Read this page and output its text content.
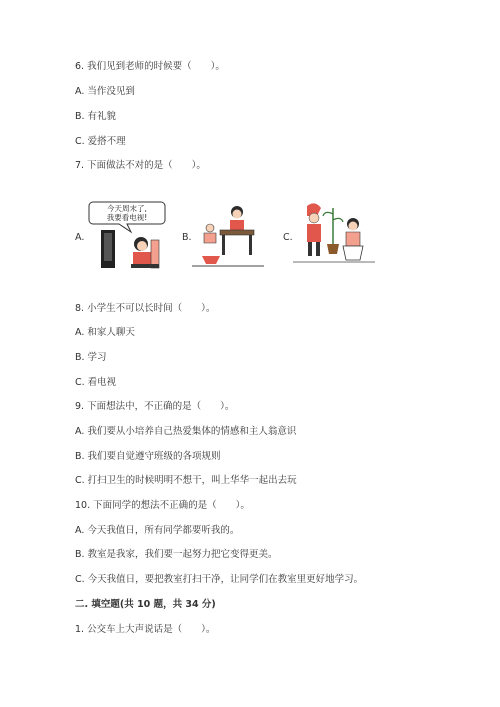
6. 我们见到老师的时候要（　　）。
A. 当作没见到
B. 有礼貌
C. 爱搭不理
7. 下面做法不对的是（　　）。
A.
今天周末了,
我要看电视!
B.	C.
8. 小学生不可以长时间（　　）。
A. 和家人聊天
B. 学习
C. 看电视
9. 下面想法中，不正确的是（　　）。
A. 我们要从小培养自己热爱集体的情感和主人翁意识
B. 我们要自觉遵守班级的各项规则
C. 打扫卫生的时候明明不想干，叫上华华一起出去玩
10. 下面同学的想法不正确的是（　　）。
A. 今天我值日，所有同学都要听我的。
B. 教室是我家，我们要一起努力把它变得更美。
C. 今天我值日，要把教室打扫干净，让同学们在教室里更好地学习。
二. 填空题(共 10 题，共 34 分)
1. 公交车上大声说话是（　　）。
